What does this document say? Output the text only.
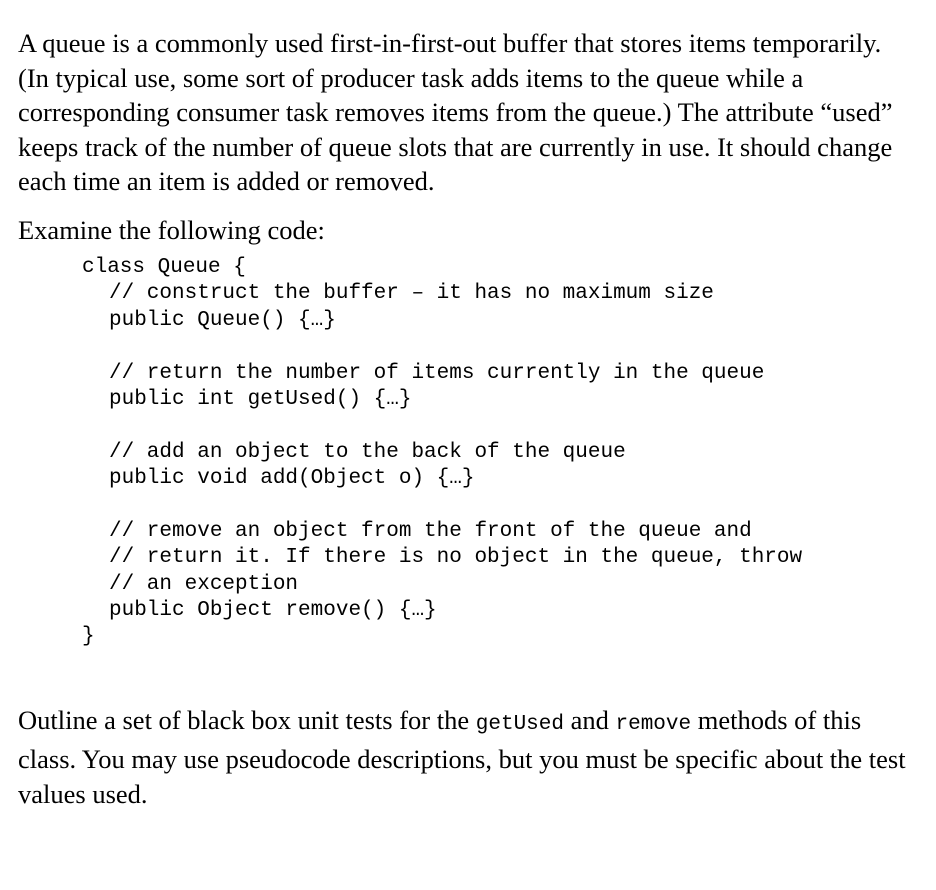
A queue is a commonly used first-in-first-out buffer that stores items temporarily. (In typical use, some sort of producer task adds items to the queue while a corresponding consumer task removes items from the queue.) The attribute “used” keeps track of the number of queue slots that are currently in use. It should change each time an item is added or removed.

Examine the following code:

class Queue {
// construct the buffer – it has no maximum size
public Queue() {…}
// return the number of items currently in the queue
public int getUsed() {…}
// add an object to the back of the queue
public void add(Object o) {…}
// remove an object from the front of the queue and
// return it. If there is no object in the queue, throw
// an exception
public Object remove() {…}
}

Outline a set of black box unit tests for the getUsed and remove methods of this class. You may use pseudocode descriptions, but you must be specific about the test values used.
